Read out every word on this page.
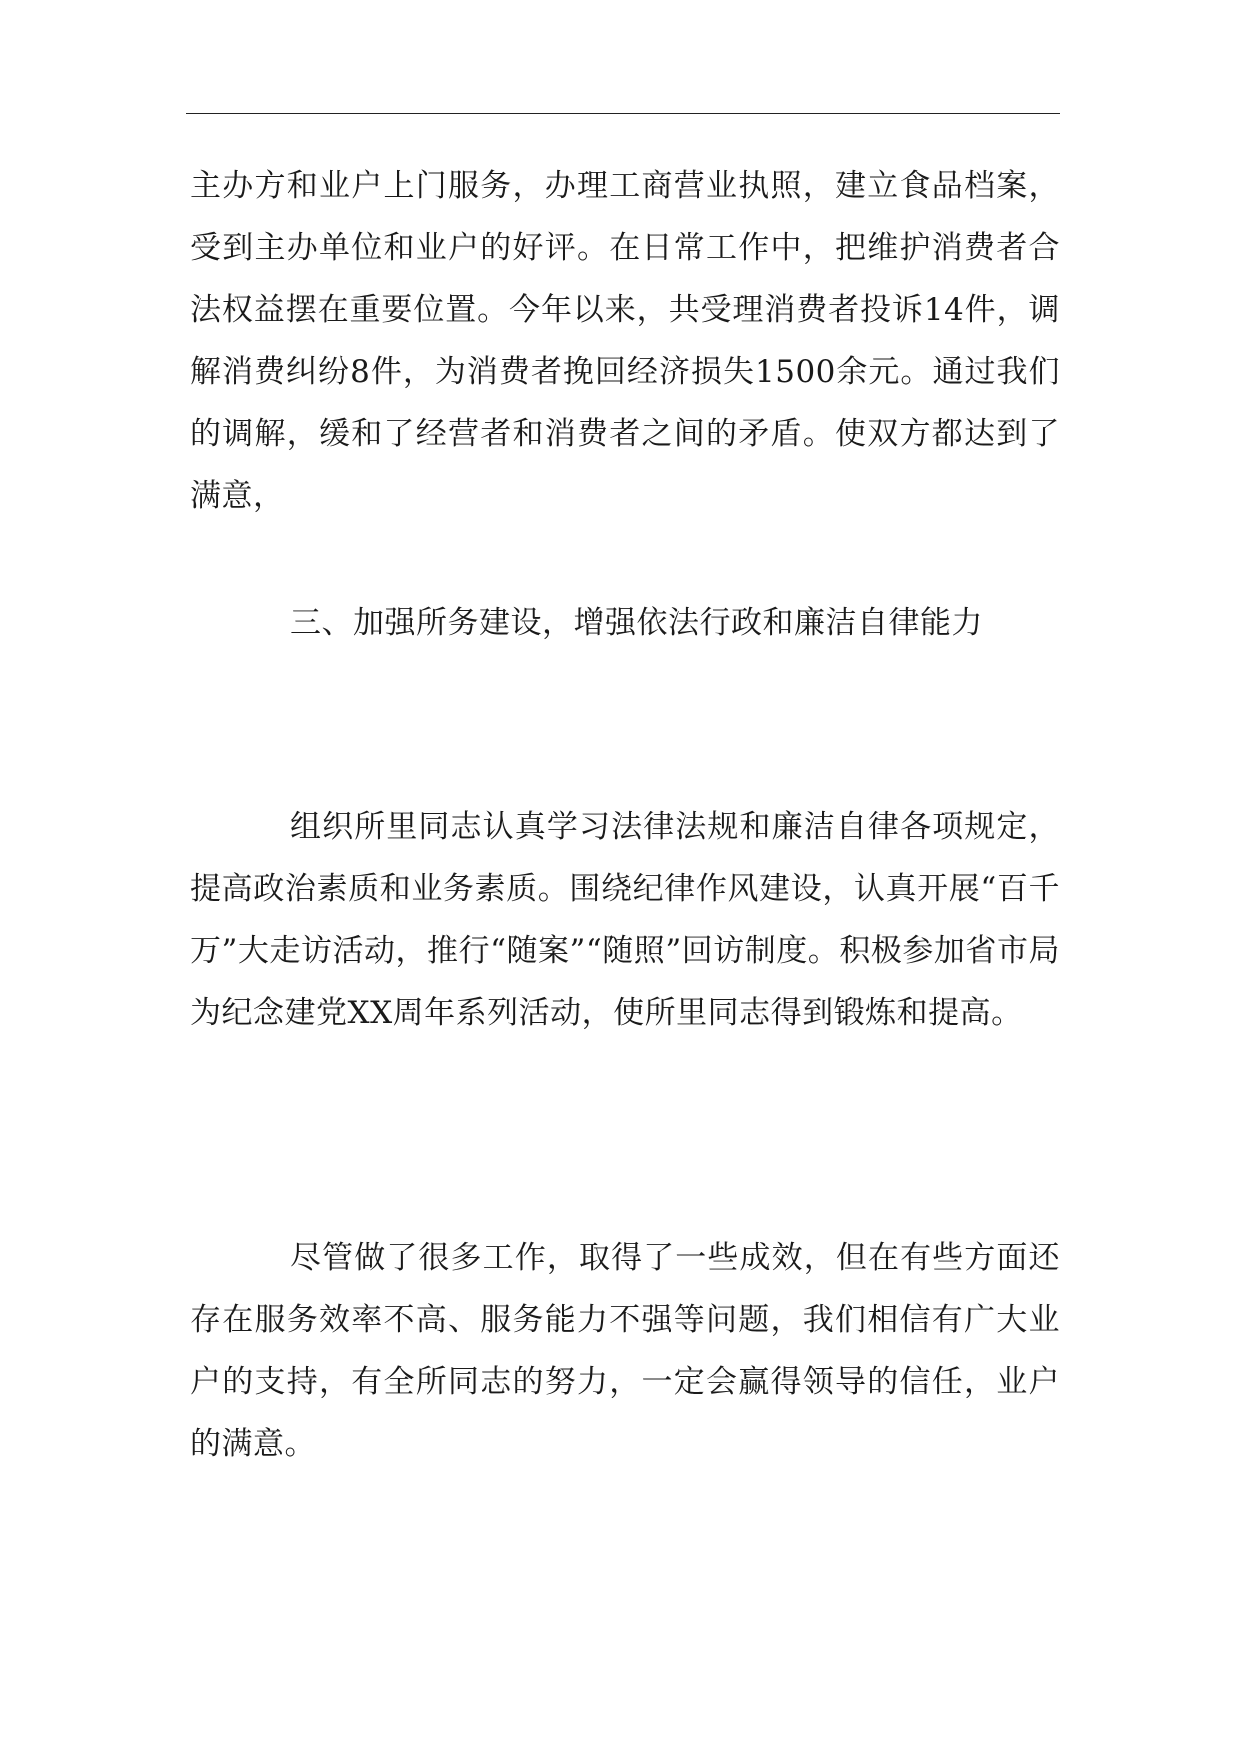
主办方和业户上门服务，办理工商营业执照，建立食品档案，受到主办单位和业户的好评。在日常工作中，把维护消费者合法权益摆在重要位置。今年以来，共受理消费者投诉14件，调解消费纠纷8件，为消费者挽回经济损失1500余元。通过我们的调解，缓和了经营者和消费者之间的矛盾。使双方都达到了满意，

三、加强所务建设，增强依法行政和廉洁自律能力

组织所里同志认真学习法律法规和廉洁自律各项规定，提高政治素质和业务素质。围绕纪律作风建设，认真开展“百千万”大走访活动，推行“随案”“随照”回访制度。积极参加省市局为纪念建党XX周年系列活动，使所里同志得到锻炼和提高。

尽管做了很多工作，取得了一些成效，但在有些方面还存在服务效率不高、服务能力不强等问题，我们相信有广大业户的支持，有全所同志的努力，一定会赢得领导的信任，业户的满意。
